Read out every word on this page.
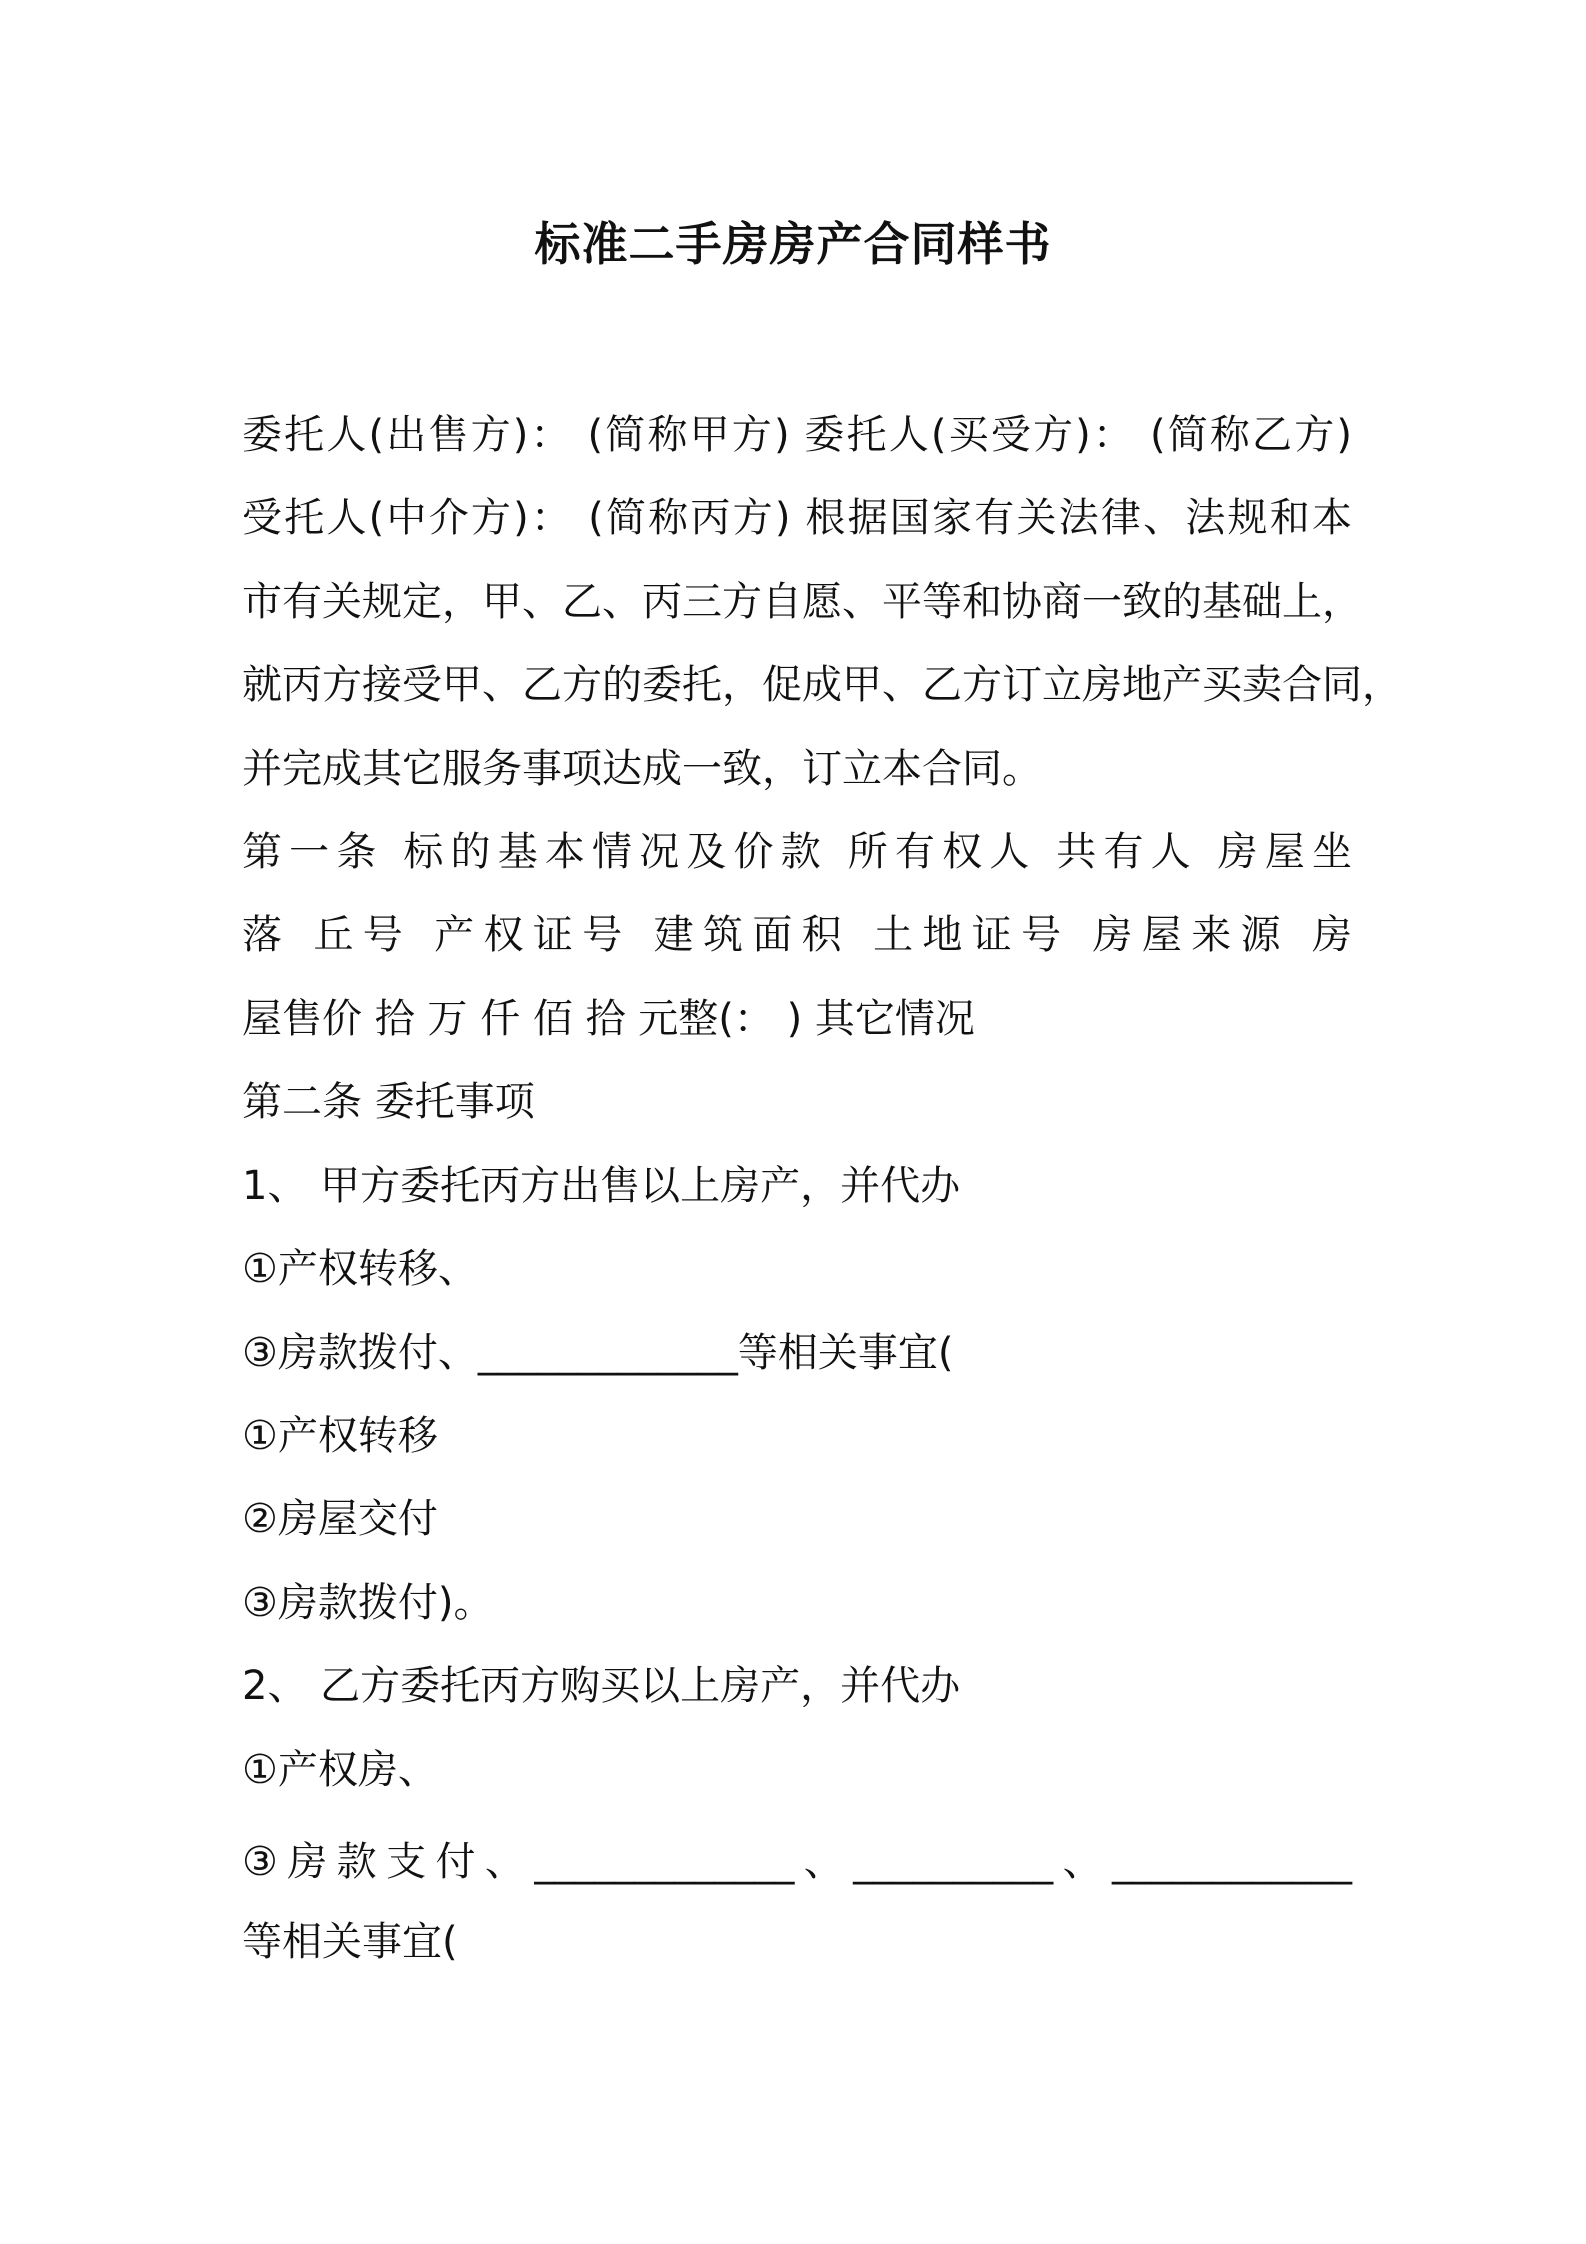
标准二手房房产合同样书
委托人(出售方)： (简称甲方) 委托人(买受方)： (简称乙方)
受托人(中介方)： (简称丙方) 根据国家有关法律、法规和本
市有关规定，甲、乙、丙三方自愿、平等和协商一致的基础上，
就丙方接受甲、乙方的委托，促成甲、乙方订立房地产买卖合同，
并完成其它服务事项达成一致，订立本合同。
第一条 标的基本情况及价款 所有权人 共有人 房屋坐
落 丘号 产权证号 建筑面积 土地证号 房屋来源 房
屋售价 拾 万 仟 佰 拾 元整(： ) 其它情况
第二条 委托事项
1、 甲方委托丙方出售以上房产，并代办
①产权转移、
③房款拨付、_____________等相关事宜(
①产权转移
②房屋交付
③房款拨付)。
2、 乙方委托丙方购买以上房产，并代办
①产权房、
③房款支付、_____________、__________、____________
等相关事宜(
